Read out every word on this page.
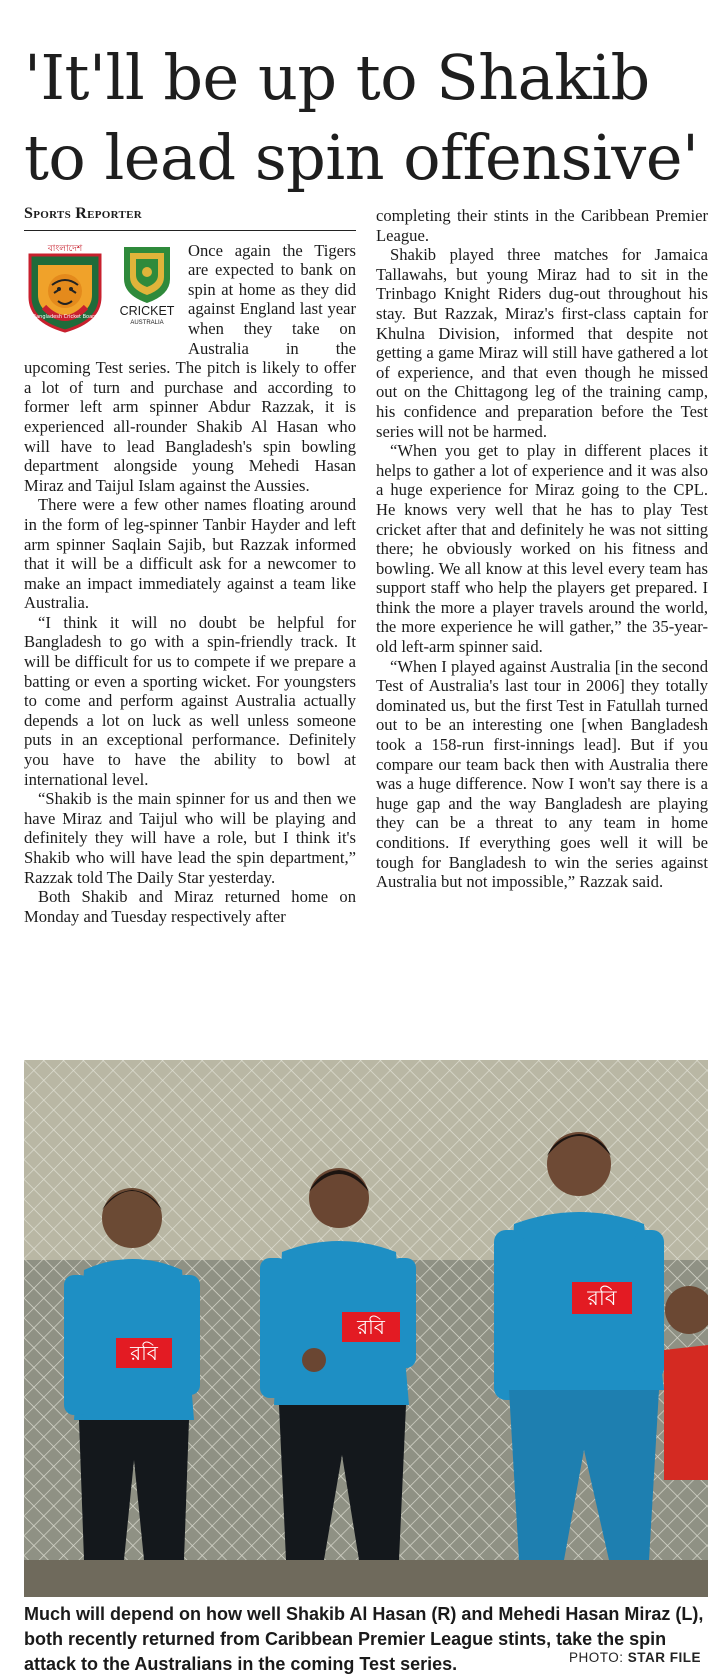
'It'll be up to Shakib to lead spin offensive'
Sports Reporter
বাংলাদেশ
Bangladesh Cricket Board CRICKET
AUSTRALIA

Once again the Tigers are expected to bank on spin at home as they did against England last year when they take on Australia in the upcoming Test series. The pitch is likely to offer a lot of turn and purchase and according to former left arm spinner Abdur Razzak, it is experienced all-rounder Shakib Al Hasan who will have to lead Bangladesh's spin bowling department alongside young Mehedi Hasan Miraz and Taijul Islam against the Aussies.

There were a few other names floating around in the form of leg-spinner Tanbir Hayder and left arm spinner Saqlain Sajib, but Razzak informed that it will be a difficult ask for a newcomer to make an impact immediately against a team like Australia.

“I think it will no doubt be helpful for Bangladesh to go with a spin-friendly track. It will be difficult for us to compete if we prepare a batting or even a sporting wicket. For youngsters to come and perform against Australia actually depends a lot on luck as well unless someone puts in an exceptional performance. Definitely you have to have the ability to bowl at international level.

“Shakib is the main spinner for us and then we have Miraz and Taijul who will be playing and definitely they will have a role, but I think it's Shakib who will have lead the spin department,” Razzak told The Daily Star yesterday.

Both Shakib and Miraz returned home on Monday and Tuesday respectively after

completing their stints in the Caribbean Premier League.

Shakib played three matches for Jamaica Tallawahs, but young Miraz had to sit in the Trinbago Knight Riders dug-out throughout his stay. But Razzak, Miraz's first-class captain for Khulna Division, informed that despite not getting a game Miraz will still have gathered a lot of experience, and that even though he missed out on the Chittagong leg of the training camp, his confidence and preparation before the Test series will not be harmed.

“When you get to play in different places it helps to gather a lot of experience and it was also a huge experience for Miraz going to the CPL. He knows very well that he has to play Test cricket after that and definitely he was not sitting there; he obviously worked on his fitness and bowling. We all know at this level every team has support staff who help the players get prepared. I think the more a player travels around the world, the more experience he will gather,” the 35-year-old left-arm spinner said.

“When I played against Australia [in the second Test of Australia's last tour in 2006] they totally dominated us, but the first Test in Fatullah turned out to be an interesting one [when Bangladesh took a 158-run first-innings lead]. But if you compare our team back then with Australia there was a huge difference. Now I won't say there is a huge gap and the way Bangladesh are playing they can be a threat to any team in home conditions. If everything goes well it will be tough for Bangladesh to win the series against Australia but not impossible,” Razzak said.

রবি
রবি
রবি
Much will depend on how well Shakib Al Hasan (R) and Mehedi Hasan Miraz (L), both recently returned from Caribbean Premier League stints, take the spin attack to the Australians in the coming Test series.	PHOTO: STAR FILE
